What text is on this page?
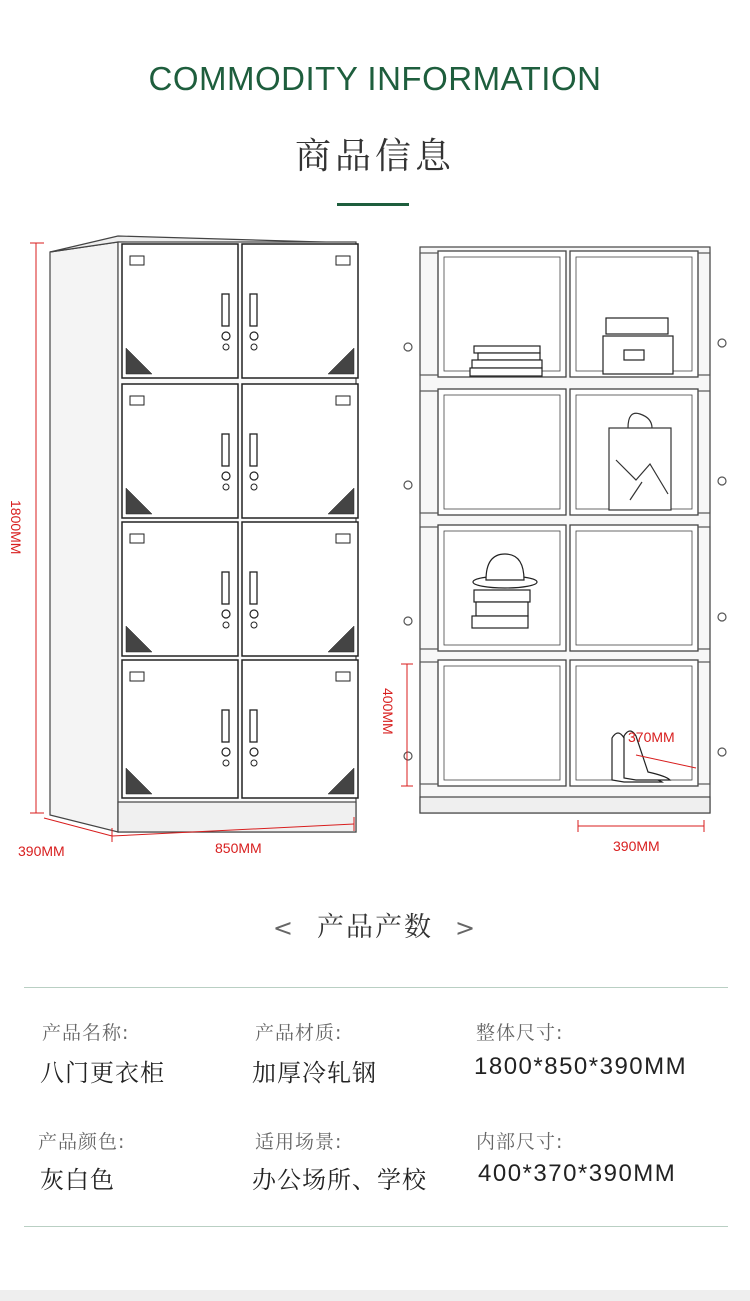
COMMODITY INFORMATION
商品信息
1800MM
390MM	850MM
400MM
370MM
390MM
< 产品产数 >
产品名称:
八门更衣柜
产品材质:
加厚冷轧钢
整体尺寸:
1800*850*390MM
产品颜色:
灰白色
适用场景:
办公场所、学校
内部尺寸:
400*370*390MM
